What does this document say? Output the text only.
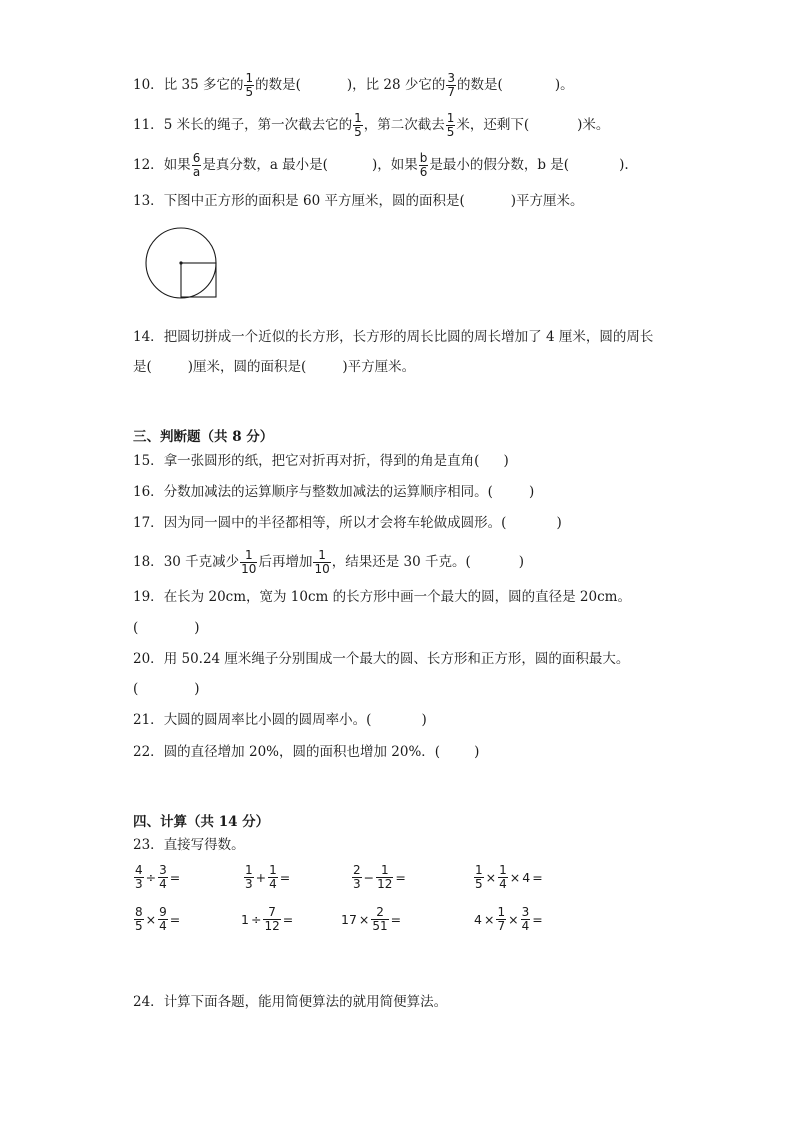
10．比 35 多它的 $\frac{1}{5}$ 的数是(	)，比 28 少它的 $\frac{3}{7}$ 的数是(	)。
11．5 米长的绳子，第一次截去它的 $\frac{1}{5}$ ，第二次截去 $\frac{1}{5}$ 米，还剩下(	)米。
12．如果 $\frac{6}{a}$ 是真分数，a 最小是(	)，如果 $\frac{b}{6}$ 是最小的假分数，b 是(	).
13．下图中正方形的面积是 60 平方厘米，圆的面积是(	)平方厘米。
14．把圆切拼成一个近似的长方形，长方形的周长比圆的周长增加了 4 厘米，圆的周长
是(	)厘米，圆的面积是(	)平方厘米。
三、判断题（共 8 分）
15．拿一张圆形的纸，把它对折再对折，得到的角是直角( )
16．分数加减法的运算顺序与整数加减法的运算顺序相同。(	)
17．因为同一圆中的半径都相等，所以才会将车轮做成圆形。(	)
18．30 千克减少 $\frac{1}{10}$ 后再增加 $\frac{1}{10}$ ，结果还是 30 千克。(	)
19．在长为 20cm，宽为 10cm 的长方形中画一个最大的圆，圆的直径是 20cm。
(	)
20．用 50.24 厘米绳子分别围成一个最大的圆、长方形和正方形，圆的面积最大。
(	)
21．大圆的圆周率比小圆的圆周率小。(	)
22．圆的直径增加 20%，圆的面积也增加 20%．(	)
四、计算（共 14 分）
23．直接写得数。
$\frac{4}{3} \div \frac{3}{4}$ =	$\frac{1}{3} + \frac{1}{4}$ =	$\frac{2}{3} - \frac{1}{12}$ =	$\frac{1}{5} \times \frac{1}{4} \times 4$ =
$\frac{8}{5} \times \frac{9}{4}$ =	$1 \div \frac{7}{12}$ =	$17 \times \frac{2}{51}$ =	$4 \times \frac{1}{7} \times \frac{3}{4}$ =
24．计算下面各题，能用简便算法的就用简便算法。
